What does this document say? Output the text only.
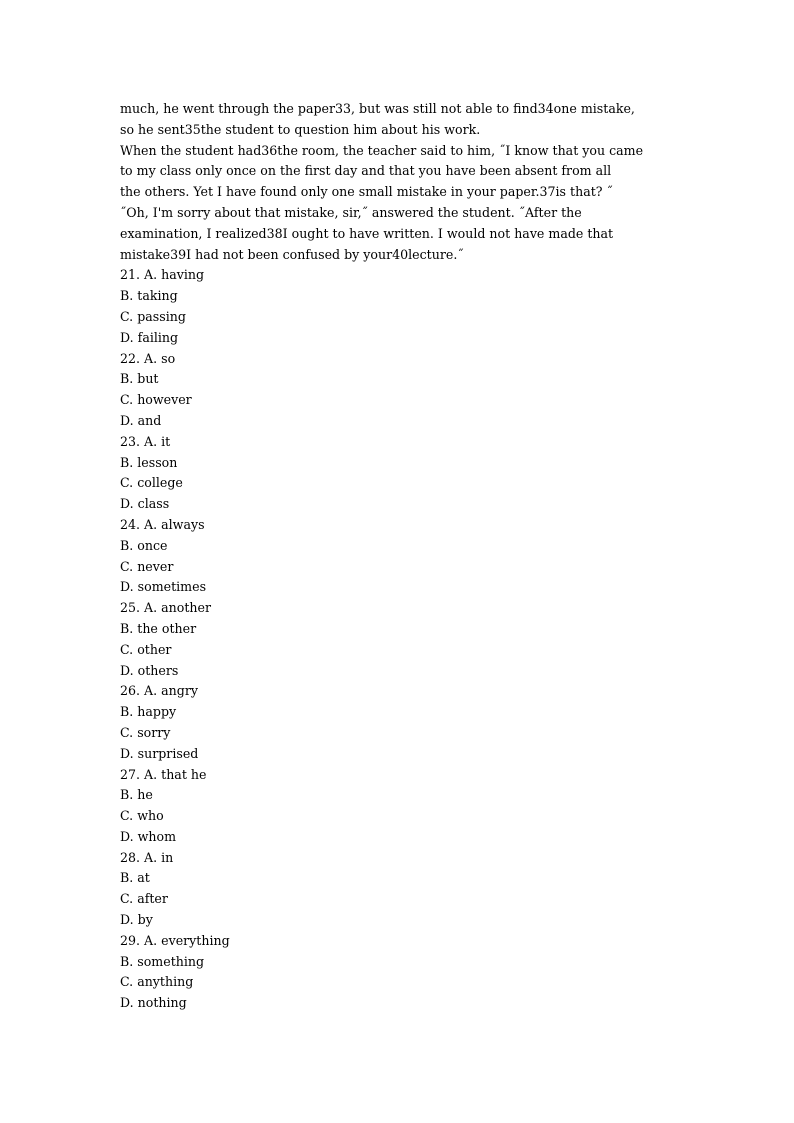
much, he went through the paper33, but was still not able to find34one mistake,
so he sent35the student to question him about his work.
When the student had36the room, the teacher said to him, ˝I know that you came
to my class only once on the first day and that you have been absent from all
the others. Yet I have found only one small mistake in your paper.37is that? ˝
˝Oh, I'm sorry about that mistake, sir,˝ answered the student. ˝After the
examination, I realized38I ought to have written. I would not have made that
mistake39I had not been confused by your40lecture.˝
21. A. having
B. taking
C. passing
D. failing
22. A. so
B. but
C. however
D. and
23. A. it
B. lesson
C. college
D. class
24. A. always
B. once
C. never
D. sometimes
25. A. another
B. the other
C. other
D. others
26. A. angry
B. happy
C. sorry
D. surprised
27. A. that he
B. he
C. who
D. whom
28. A. in
B. at
C. after
D. by
29. A. everything
B. something
C. anything
D. nothing
